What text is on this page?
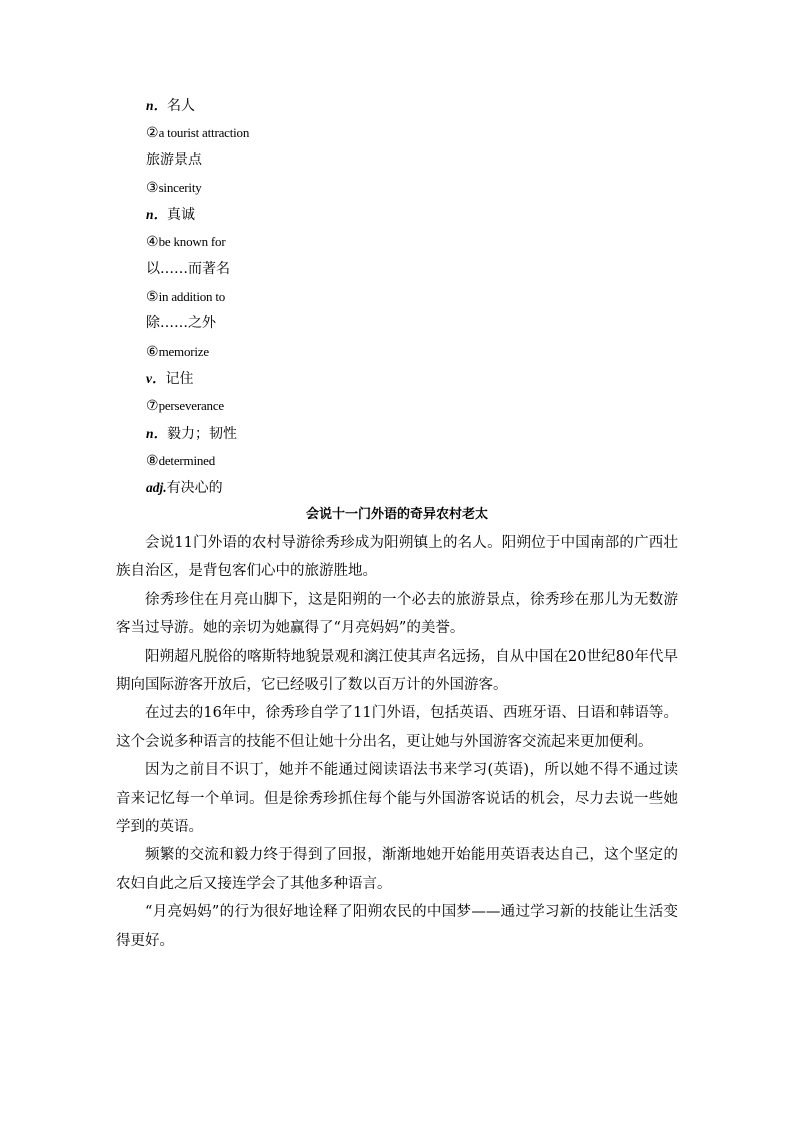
n．名人
②a tourist attraction
旅游景点
③sincerity
n．真诚
④be known for
以……而著名
⑤in addition to
除……之外
⑥memorize
v．记住
⑦perseverance
n．毅力；韧性
⑧determined
adj.有决心的
会说十一门外语的奇异农村老太

会说11门外语的农村导游徐秀珍成为阳朔镇上的名人。阳朔位于中国南部的广西壮族自治区，是背包客们心中的旅游胜地。

徐秀珍住在月亮山脚下，这是阳朔的一个必去的旅游景点，徐秀珍在那儿为无数游客当过导游。她的亲切为她赢得了“月亮妈妈”的美誉。

阳朔超凡脱俗的喀斯特地貌景观和漓江使其声名远扬，自从中国在20世纪80年代早期向国际游客开放后，它已经吸引了数以百万计的外国游客。

在过去的16年中，徐秀珍自学了11门外语，包括英语、西班牙语、日语和韩语等。这个会说多种语言的技能不但让她十分出名，更让她与外国游客交流起来更加便利。

因为之前目不识丁，她并不能通过阅读语法书来学习(英语)，所以她不得不通过读音来记忆每一个单词。但是徐秀珍抓住每个能与外国游客说话的机会，尽力去说一些她学到的英语。

频繁的交流和毅力终于得到了回报，渐渐地她开始能用英语表达自己，这个坚定的农妇自此之后又接连学会了其他多种语言。

“月亮妈妈”的行为很好地诠释了阳朔农民的中国梦——通过学习新的技能让生活变得更好。
